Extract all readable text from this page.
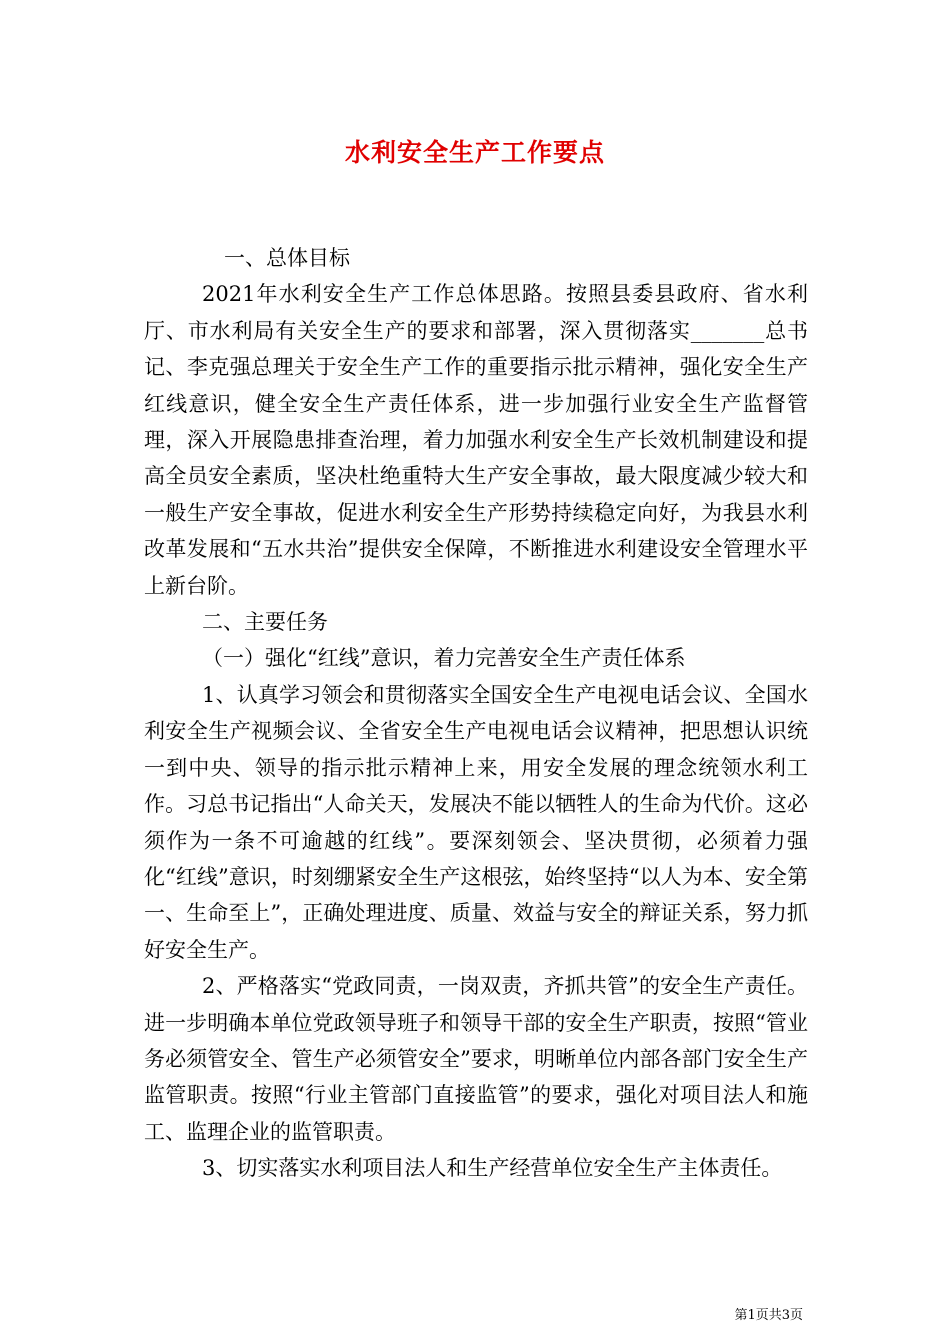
水利安全生产工作要点

一、总体目标

2021年水利安全生产工作总体思路。按照县委县政府、省水利厅、市水利局有关安全生产的要求和部署，深入贯彻落实_______总书记、李克强总理关于安全生产工作的重要指示批示精神，强化安全生产红线意识，健全安全生产责任体系，进一步加强行业安全生产监督管理，深入开展隐患排查治理，着力加强水利安全生产长效机制建设和提高全员安全素质，坚决杜绝重特大生产安全事故，最大限度减少较大和一般生产安全事故，促进水利安全生产形势持续稳定向好，为我县水利改革发展和“五水共治”提供安全保障，不断推进水利建设安全管理水平上新台阶。

二、主要任务

（一）强化“红线”意识，着力完善安全生产责任体系

1、认真学习领会和贯彻落实全国安全生产电视电话会议、全国水利安全生产视频会议、全省安全生产电视电话会议精神，把思想认识统一到中央、领导的指示批示精神上来，用安全发展的理念统领水利工作。习总书记指出“人命关天，发展决不能以牺牲人的生命为代价。这必须作为一条不可逾越的红线”。要深刻领会、坚决贯彻，必须着力强化“红线”意识，时刻绷紧安全生产这根弦，始终坚持“以人为本、安全第一、生命至上”，正确处理进度、质量、效益与安全的辩证关系，努力抓好安全生产。

2、严格落实“党政同责，一岗双责，齐抓共管”的安全生产责任。进一步明确本单位党政领导班子和领导干部的安全生产职责，按照“管业务必须管安全、管生产必须管安全”要求，明晰单位内部各部门安全生产监管职责。按照“行业主管部门直接监管”的要求，强化对项目法人和施工、监理企业的监管职责。

3、切实落实水利项目法人和生产经营单位安全生产主体责任。

第1页共3页
